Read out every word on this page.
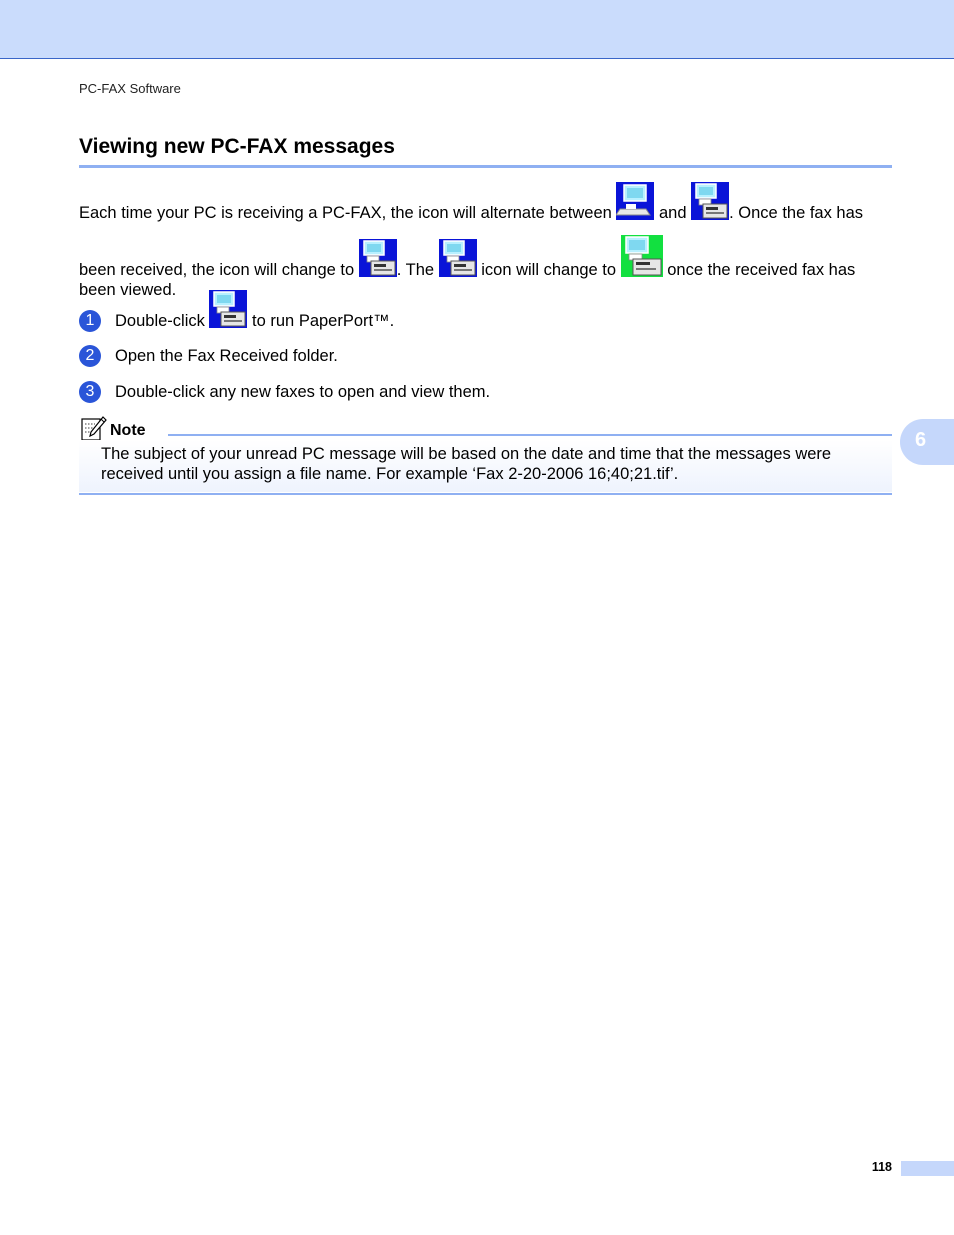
PC-FAX Software
Viewing new PC-FAX messages
Each time your PC is receiving a PC-FAX, the icon will alternate between
and
. Once the fax has
been received, the icon will change to
. The
icon will change to	once the received fax has
been viewed.
1	Double-click
to run PaperPort™.
2	Open the Fax Received folder.
3	Double-click any new faxes to open and view them.
Note
The subject of your unread PC message will be based on the date and time that the messages were received until you assign a file name. For example ‘Fax 2-20-2006 16;40;21.tif’.
6
118
